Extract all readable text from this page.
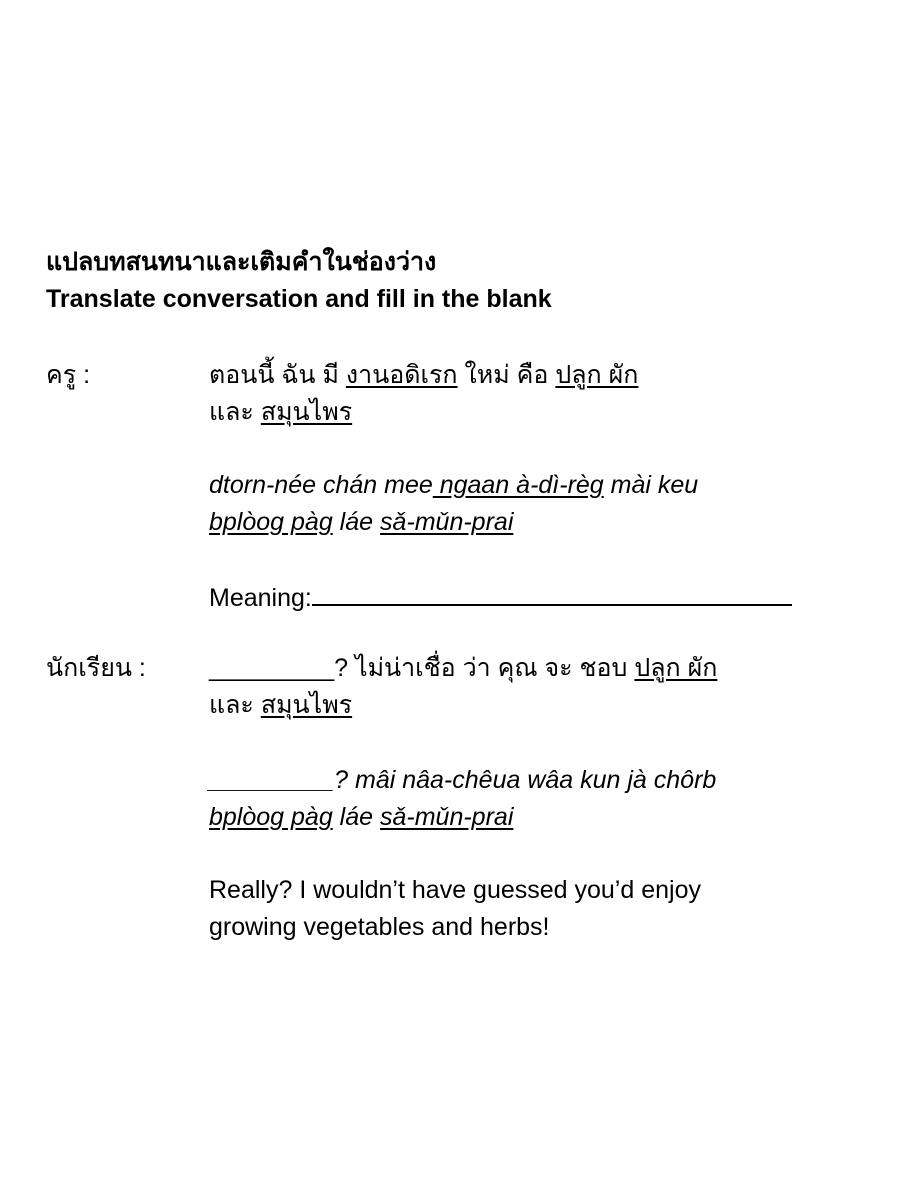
แปลบทสนทนาและเติมคำในช่องว่าง
Translate conversation and fill in the blank
ครู :	ตอนนี้ ฉัน มี งานอดิเรก ใหม่ คือ ปลูก ผัก
และ สมุนไพร
dtorn-née chán mee ngaan à-dì-règ mài keu
bplòog pàg láe sǎ-mǔn-prai
Meaning:
นักเรียน :	_________? ไม่น่าเชื่อ ว่า คุณ จะ ชอบ ปลูก ผัก
และ สมุนไพร
_________? mâi nâa-chêua wâa kun jà chôrb
bplòog pàg láe sǎ-mǔn-prai
Really? I wouldn’t have guessed you’d enjoy
growing vegetables and herbs!
